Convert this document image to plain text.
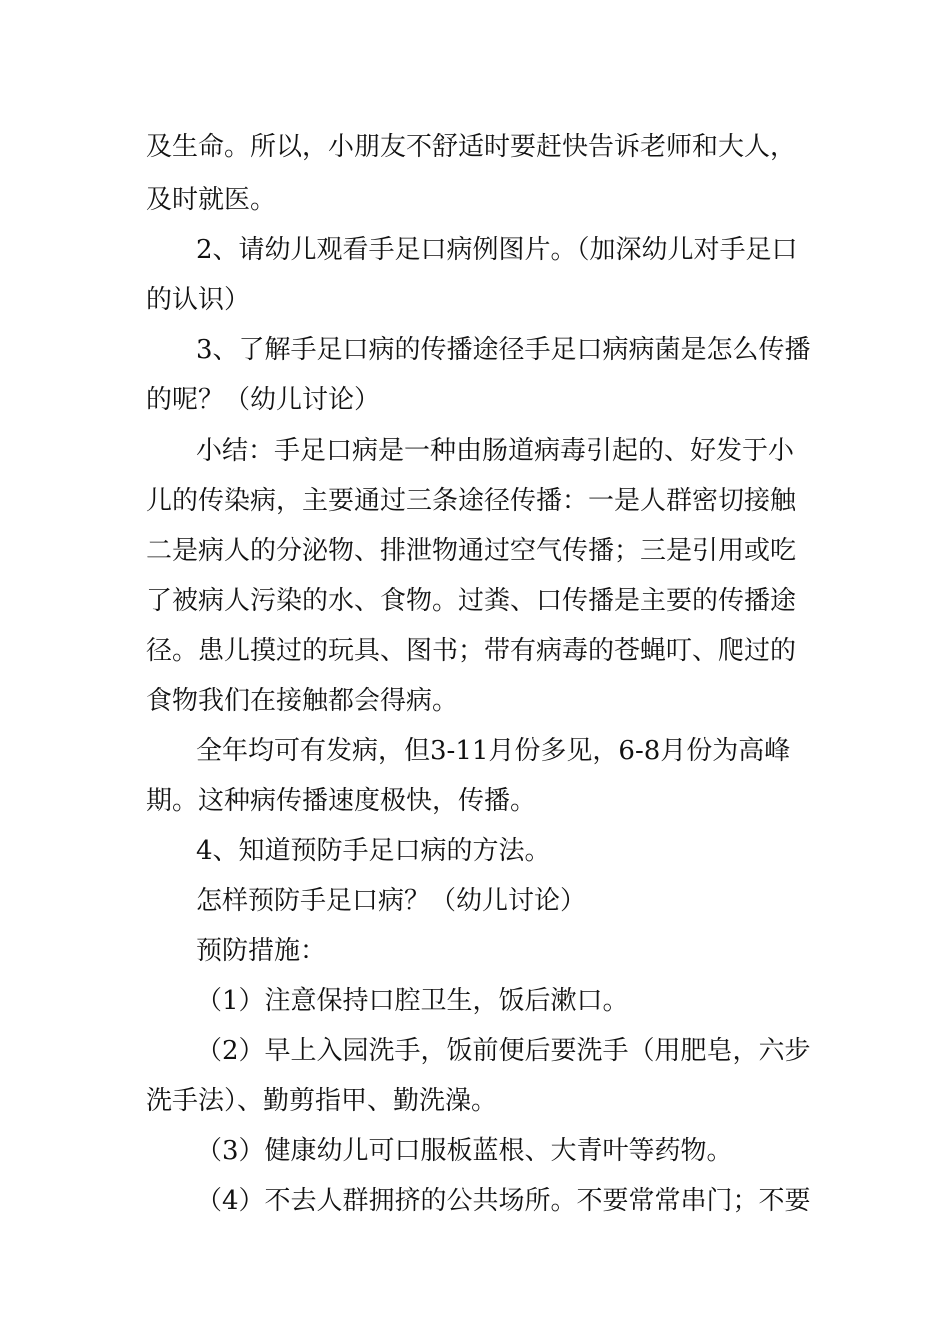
及生命。所以，小朋友不舒适时要赶快告诉老师和大人，
及时就医。
2、请幼儿观看手足口病例图片。（加深幼儿对手足口
的认识）
3、了解手足口病的传播途径手足口病病菌是怎么传播
的呢？（幼儿讨论）
小结：手足口病是一种由肠道病毒引起的、好发于小
儿的传染病，主要通过三条途径传播：一是人群密切接触
二是病人的分泌物、排泄物通过空气传播；三是引用或吃
了被病人污染的水、食物。过粪、口传播是主要的传播途
径。患儿摸过的玩具、图书；带有病毒的苍蝇叮、爬过的
食物我们在接触都会得病。
全年均可有发病，但3-11月份多见，6-8月份为高峰
期。这种病传播速度极快，传播。
4、知道预防手足口病的方法。
怎样预防手足口病？（幼儿讨论）
预防措施：
（1）注意保持口腔卫生，饭后漱口。
（2）早上入园洗手，饭前便后要洗手（用肥皂，六步
洗手法）、勤剪指甲、勤洗澡。
（3）健康幼儿可口服板蓝根、大青叶等药物。
（4）不去人群拥挤的公共场所。不要常常串门；不要
